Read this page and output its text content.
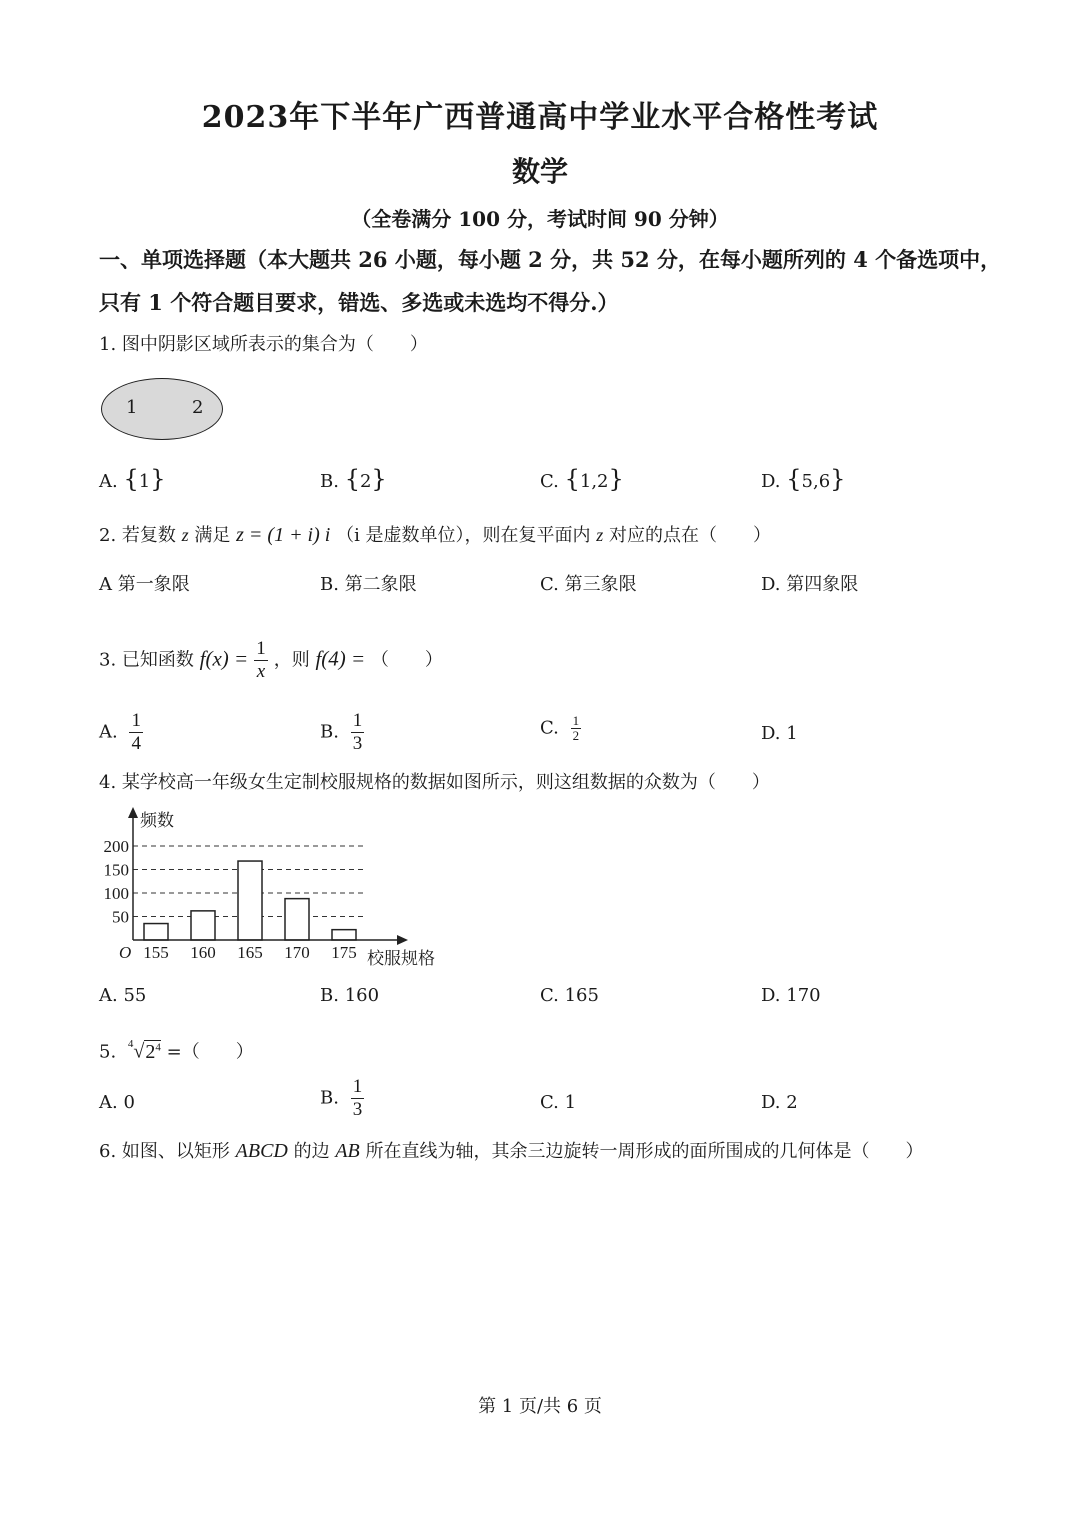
2023年下半年广西普通高中学业水平合格性考试
数学
（全卷满分 100 分，考试时间 90 分钟）
一、单项选择题（本大题共 26 小题，每小题 2 分，共 52 分，在每小题所列的 4 个备选项中，
只有 1 个符合题目要求，错选、多选或未选均不得分.）
1. 图中阴影区域所表示的集合为（　　）
1	2
A. {1}	B. {2}	C. {1,2}	D. {5,6}
2. 若复数 z 满足 z = (1 + i) i （i 是虚数单位），则在复平面内 z 对应的点在（　　）
A 第一象限	B. 第二象限	C. 第三象限	D. 第四象限
3. 已知函数 $f(x) = \frac{1}{x}$ ，则 f(4) = （　　）
A. $\frac{1}{4}$	B. $\frac{1}{3}$	C. $\frac{1}{2}$	D. 1
4. 某学校高一年级女生定制校服规格的数据如图所示，则这组数据的众数为（　　）
50
100
150
200
155 160 165 170 175
O
频数
校服规格
A. 55	B. 160	C. 165	D. 170
5. $^4√2^4$ =（　　）
A. 0	B. $\frac{1}{3}$	C. 1	D. 2
6. 如图、以矩形 ABCD 的边 AB 所在直线为轴，其余三边旋转一周形成的面所围成的几何体是（　　）
第 1 页/共 6 页
